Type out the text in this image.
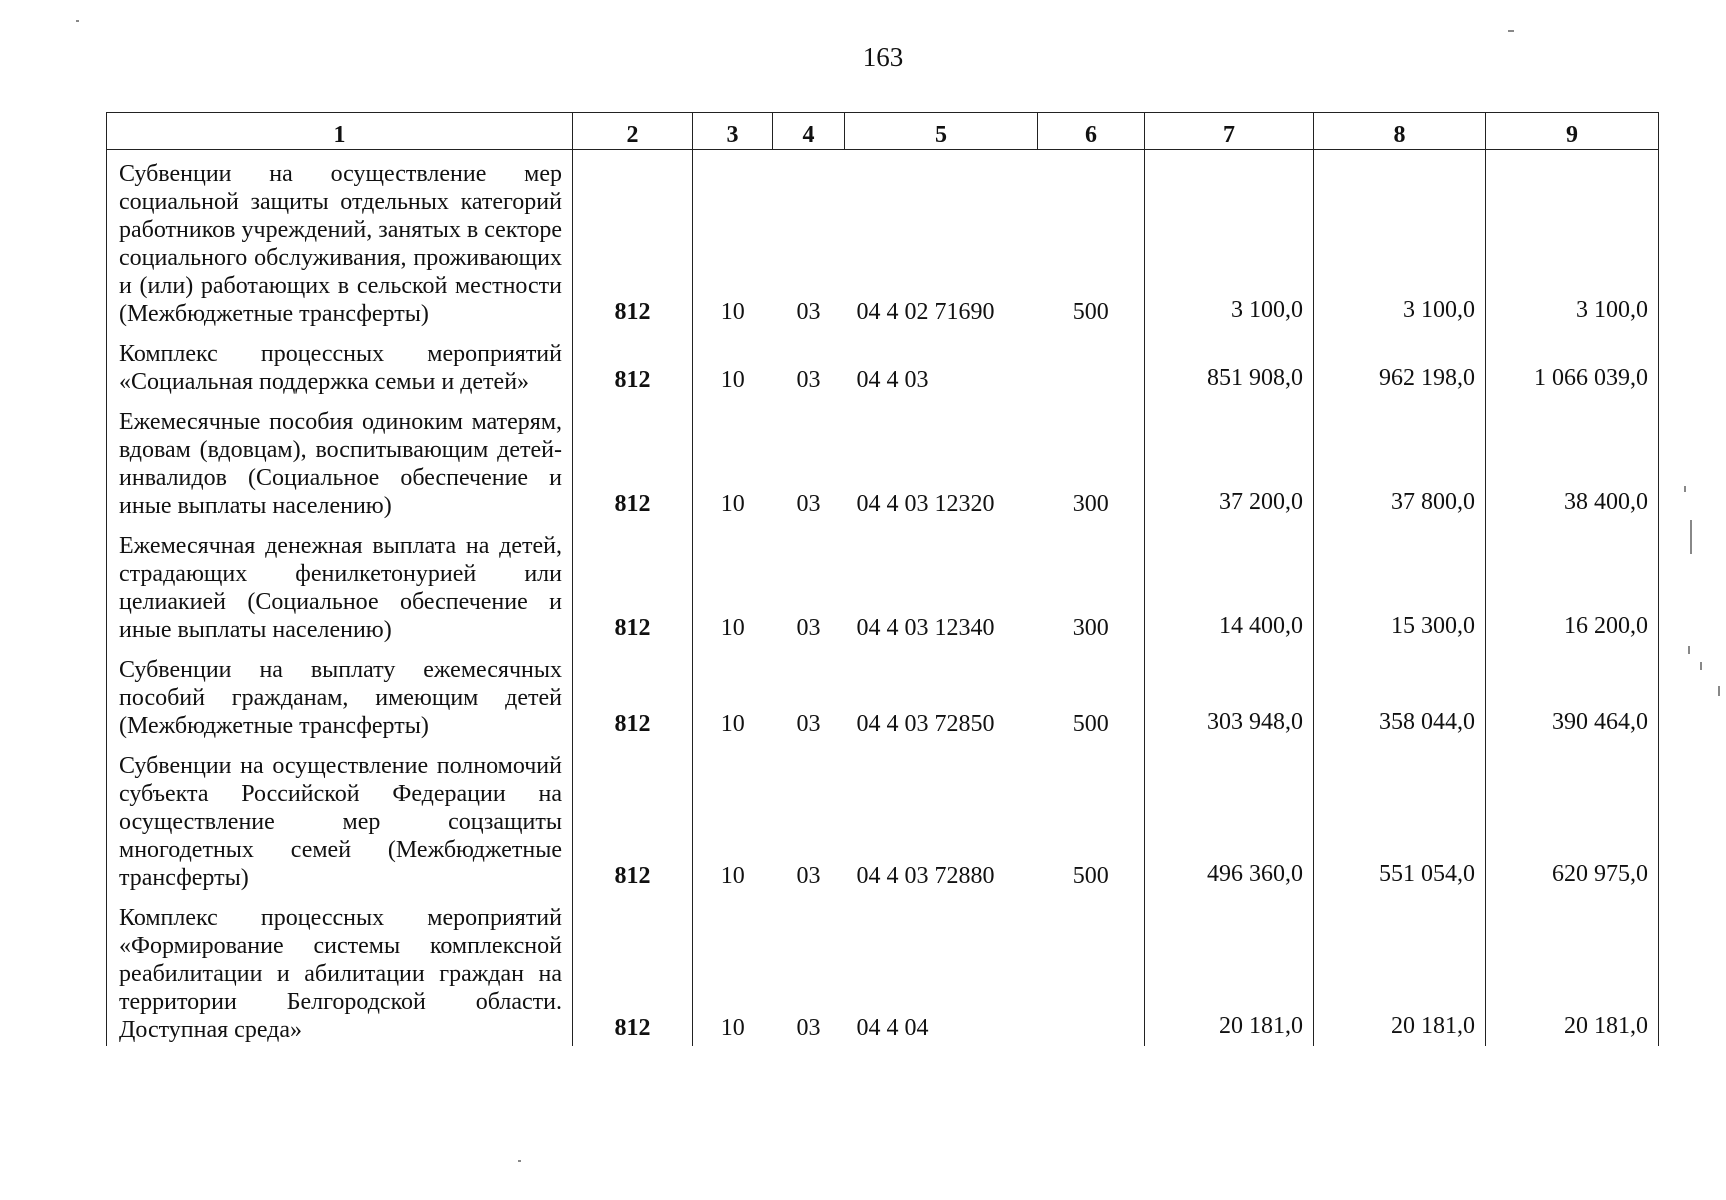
163
1	2	3	4	5	6	7	8	9
Субвенции на осуществление мер социальной защиты отдельных категорий работников учреждений, занятых в секторе социального обслуживания, проживающих и (или) работающих в сельской местности (Межбюджетные трансферты)	812	10	03	04 4 02 71690	500	3 100,0	3 100,0	3 100,0
Комплекс процессных мероприятий «Социальная поддержка семьи и детей»	812	10	03	04 4 03		851 908,0	962 198,0	1 066 039,0
Ежемесячные пособия одиноким матерям, вдовам (вдовцам), воспитывающим детей-инвалидов (Социальное обеспечение и иные выплаты населению)	812	10	03	04 4 03 12320	300	37 200,0	37 800,0	38 400,0
Ежемесячная денежная выплата на детей, страдающих фенилкетонурией или целиакией (Социальное обеспечение и иные выплаты населению)	812	10	03	04 4 03 12340	300	14 400,0	15 300,0	16 200,0
Субвенции на выплату ежемесячных пособий гражданам, имеющим детей (Межбюджетные трансферты)	812	10	03	04 4 03 72850	500	303 948,0	358 044,0	390 464,0
Субвенции на осуществление полномочий субъекта Российской Федерации на осуществление мер соцзащиты многодетных семей (Межбюджетные трансферты)	812	10	03	04 4 03 72880	500	496 360,0	551 054,0	620 975,0
Комплекс процессных мероприятий «Формирование системы комплексной реабилитации и абилитации граждан на территории Белгородской области. Доступная среда»	812	10	03	04 4 04		20 181,0	20 181,0	20 181,0
